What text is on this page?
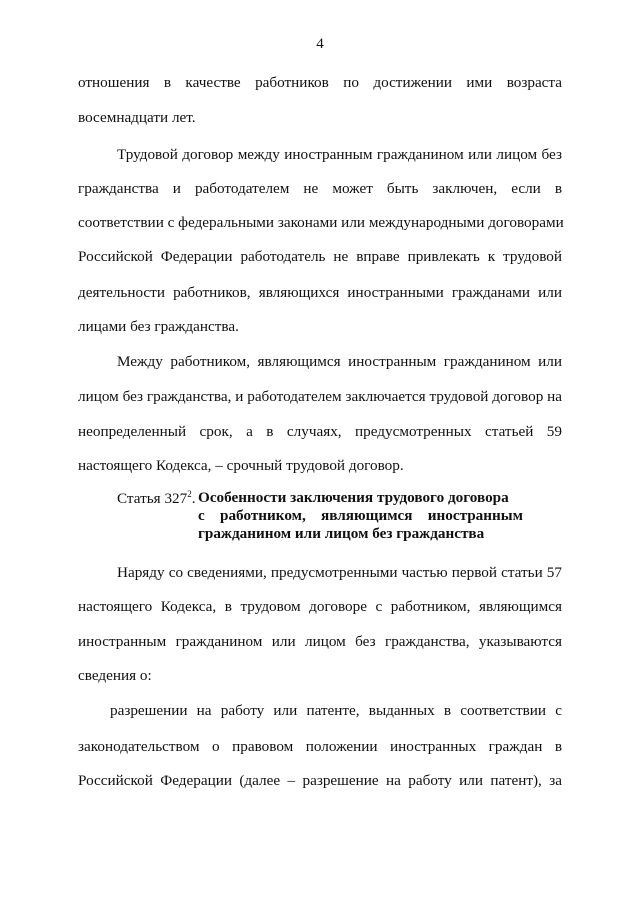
4
отношения в качестве работников по достижении ими возраста
восемнадцати лет.
Трудовой договор между иностранным гражданином или лицом без
гражданства и работодателем не может быть заключен, если в
соответствии с федеральными законами или международными договорами
Российской Федерации работодатель не вправе привлекать к трудовой
деятельности работников, являющихся иностранными гражданами или
лицами без гражданства.
Между работником, являющимся иностранным гражданином или
лицом без гражданства, и работодателем заключается трудовой договор на
неопределенный срок, а в случаях, предусмотренных статьей 59
настоящего Кодекса, – срочный трудовой договор.
Статья $327^2$. Особенности заключения трудового договора
с работником, являющимся иностранным
гражданином или лицом без гражданства
Наряду со сведениями, предусмотренными частью первой статьи 57
настоящего Кодекса, в трудовом договоре с работником, являющимся
иностранным гражданином или лицом без гражданства, указываются
сведения о:
разрешении на работу или патенте, выданных в соответствии с
законодательством о правовом положении иностранных граждан в
Российской Федерации (далее – разрешение на работу или патент), за
